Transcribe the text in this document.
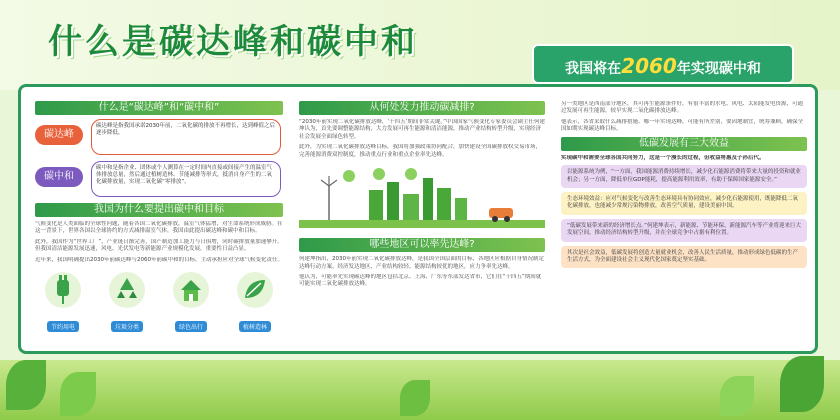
什么是碳达峰和碳中和
我国将在2060年实现碳中和
什么是“碳达峰”和“碳中和”
碳达峰
碳达峰是指我国承诺2030年前，二氧化碳的排放不再增长，达到峰值之后逐步降低。
碳中和
碳中和是指企业、团体或个人测算在一定时间内直接或间接产生的温室气体排放总量，然后通过植树造林、节能减排等形式，抵消自身产生的二氧化碳排放量，实现二氧化碳“零排放”。
我国为什么要提出碳中和目标
气候变化是人类面临的全球性问题，随着各国二氧化碳排放，温室气体猛增，对生命系统形成威胁。在这一背景下，世界各国以全球协约的方式减排温室气体，我国由此提出碳达峰和碳中和目标。
此外，我国作为“世界工厂”，产业链日渐完善，国产制造加工能力与日俱增，同时碳排放量加速攀升。但我国清洁能源发展迅速，风电、光伏发电等新能源产业规模化发展，重要性日益凸显。
近年来，我国明确提出2030年前碳达峰与2060年前碳中和的目标，主动承担应对全球气候变化责任。
节约用电	垃圾分类	绿色出行	植树造林
从何处发力推动碳减排?
“2030年前实现二氧化碳排放达峰，‘十四五’期间非常关键。”中国国家气候变化专家委员会副主任何建坤认为，首先要调整能源结构，大力发展可再生能源和清洁能源，推动产业结构转型升级，实现经济社会发展全面绿色转型。
此外，为实现二氧化碳排放达峰目标，我国将加强政策协同配合，加快建设全国碳排放权交易市场，完善能源消费双控制度，推动重点行业和重点企业率先达峰。
哪些地区可以率先达峰?
何建坤指出，2030年前实现二氧化碳排放达峰，是我国全国层面的目标，各地区应根据自身情况制定达峰行动方案。经济发达地区、产业结构较轻、能源结构较优的地区，应力争率先达峰。
他认为，可能率先实现碳达峰的地区包括北京、上海、广东等东部发达省市，它们在“十四五”期间就可能实现二氧化碳排放达峰。
另一类地区是西南部分地区，其可再生能源条件好，有很丰富的水电、风电、太阳能发电资源，可通过发展可再生能源，较早实现二氧化碳排放达峰。
他表示，各省采取什么减排措施、哪一年实现达峰，可能有所差别，要因地制宜，统筹兼顾，确保全国如期实现碳达峰目标。
低碳发展有三大效益
实现碳中和需要全球各国共同努力，这是一个漫长的过程，但收益将惠及子孙后代。
以能源系统为例，“一方面，我国能源消费持续增长，减少化石能源消费将带来大量的投资和就业机会；另一方面，降低单位GDP能耗，提高能源利用效率，有助于保障国家能源安全。”
生态环境效益：应对气候变化与改善生态环境具有协同效应，减少化石能源使用，既能降低二氧化碳排放，也能减少常规污染物排放，改善空气质量，建设美丽中国。
“低碳发展带来新的经济增长点。”何建坤表示，新能源、节能环保、新能源汽车等产业将迎来巨大发展空间，推动经济结构转型升级，并在全球竞争中占据有利位置。
其次是社会效益，低碳发展将创造大量就业机会，改善人民生活质量，推动形成绿色低碳的生产生活方式，为全面建设社会主义现代化国家奠定坚实基础。
